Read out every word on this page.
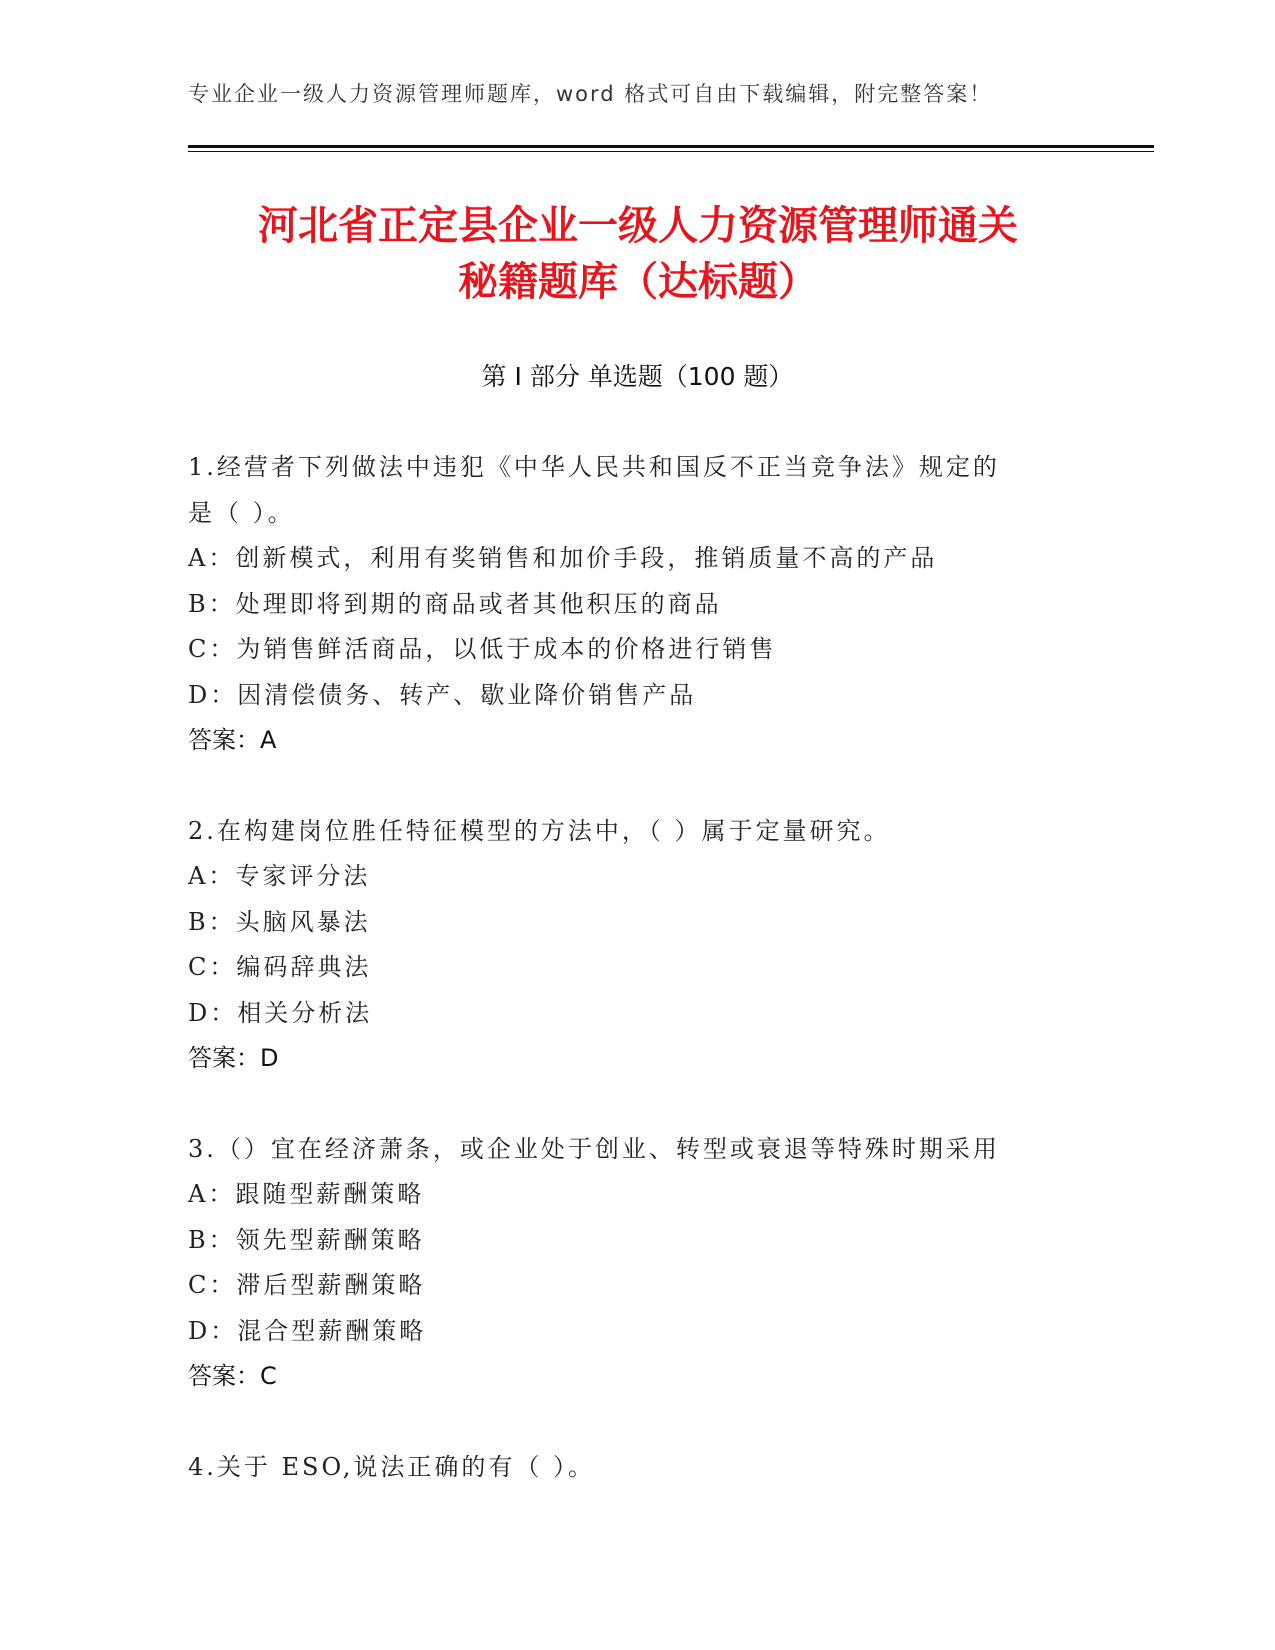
专业企业一级人力资源管理师题库，word 格式可自由下载编辑，附完整答案！
河北省正定县企业一级人力资源管理师通关
秘籍题库（达标题）
第 I 部分 单选题（100 题）
1.经营者下列做法中违犯《中华人民共和国反不正当竞争法》规定的
是（ ）。
A：创新模式，利用有奖销售和加价手段，推销质量不高的产品
B：处理即将到期的商品或者其他积压的商品
C：为销售鲜活商品，以低于成本的价格进行销售
D：因清偿债务、转产、歇业降价销售产品
答案：A
2.在构建岗位胜任特征模型的方法中，（ ）属于定量研究。
A：专家评分法
B：头脑风暴法
C：编码辞典法
D：相关分析法
答案：D
3.（）宜在经济萧条，或企业处于创业、转型或衰退等特殊时期采用
A：跟随型薪酬策略
B：领先型薪酬策略
C：滞后型薪酬策略
D：混合型薪酬策略
答案：C
4.关于 ESO,说法正确的有（ ）。
